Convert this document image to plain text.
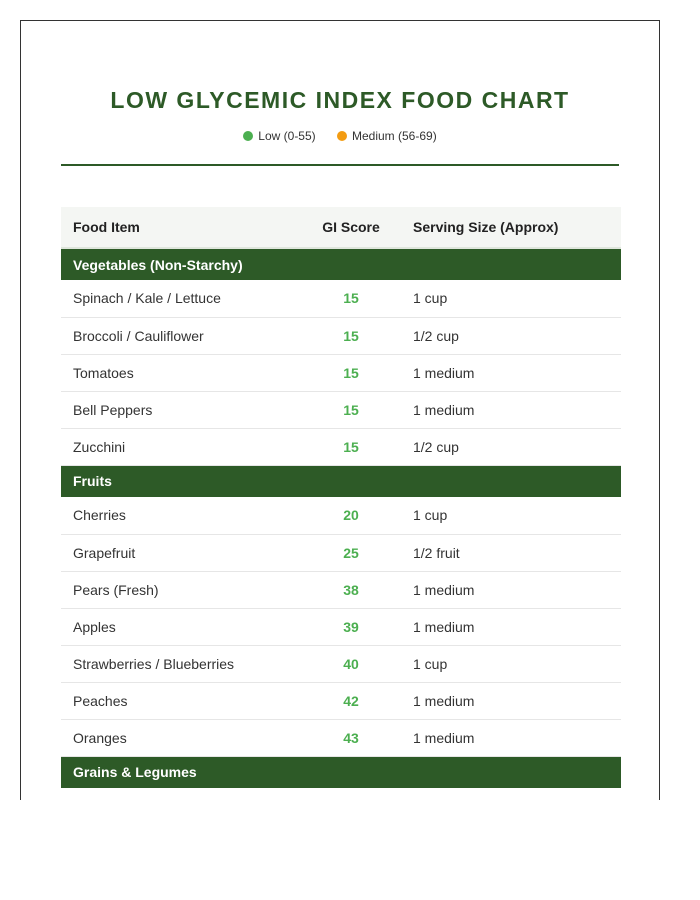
LOW GLYCEMIC INDEX FOOD CHART
Low (0-55)	Medium (56-69)
Food Item	GI Score	Serving Size (Approx)
Vegetables (Non-Starchy)		
Spinach / Kale / Lettuce	15	1 cup
Broccoli / Cauliflower	15	1/2 cup
Tomatoes	15	1 medium
Bell Peppers	15	1 medium
Zucchini	15	1/2 cup
Fruits		
Cherries	20	1 cup
Grapefruit	25	1/2 fruit
Pears (Fresh)	38	1 medium
Apples	39	1 medium
Strawberries / Blueberries	40	1 cup
Peaches	42	1 medium
Oranges	43	1 medium
Grains & Legumes		
